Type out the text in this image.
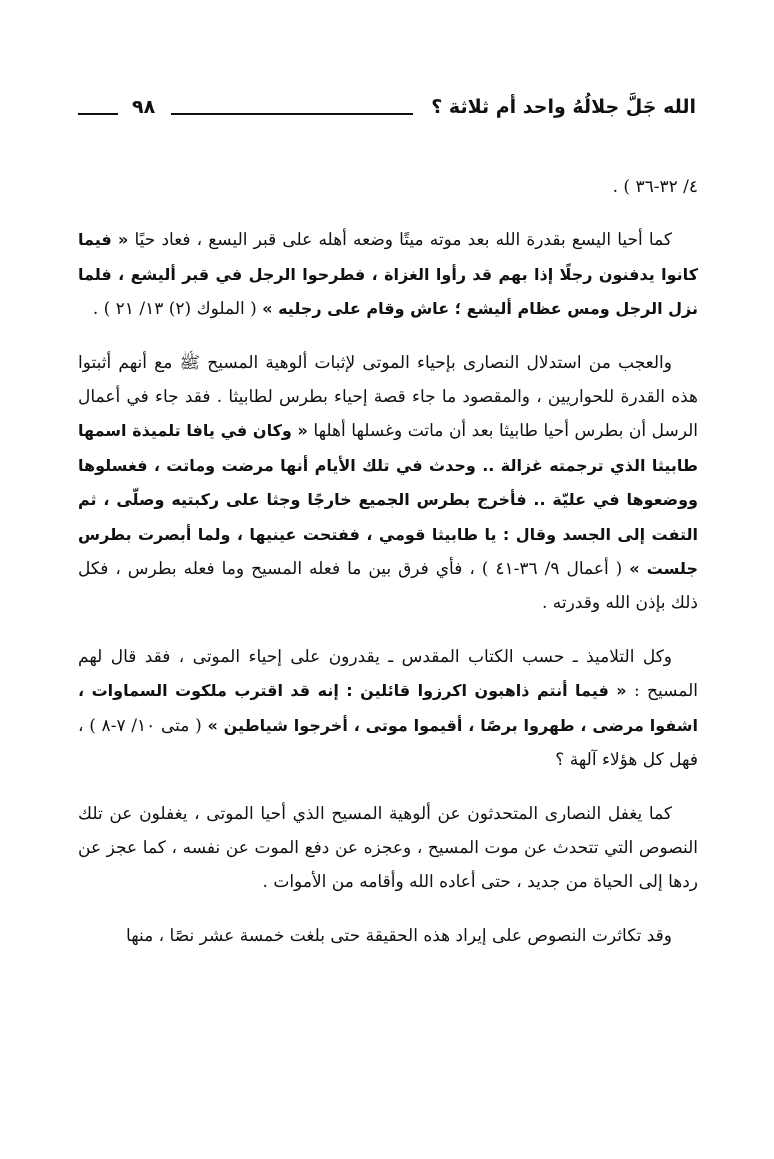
الله جَلَّ جلالُهُ واحد أم ثلاثة ؟
٩٨

٤/ ٣٢-٣٦ ) .

كما أحيا اليسع بقدرة الله بعد موته ميتًا وضعه أهله على قبر اليسع ، فعاد حيًا « فيما كانوا يدفنون رجلًا إذا بهم قد رأوا الغزاة ، فطرحوا الرجل في قبر أليشع ، فلما نزل الرجل ومس عظام أليشع ؛ عاش وقام على رجليه » ( الملوك (٢) ١٣/ ٢١ ) .

والعجب من استدلال النصارى بإحياء الموتى لإثبات ألوهية المسيح ﷺ مع أنهم أثبتوا هذه القدرة للحواريين ، والمقصود ما جاء قصة إحياء بطرس لطابيثا . فقد جاء في أعمال الرسل أن بطرس أحيا طابيثا بعد أن ماتت وغسلها أهلها « وكان في يافا تلميذة اسمها طابيثا الذي ترجمته غزالة .. وحدث في تلك الأيام أنها مرضت وماتت ، فغسلوها ووضعوها في عليّة .. فأخرج بطرس الجميع خارجًا وجثا على ركبتيه وصلّى ، ثم التفت إلى الجسد وقال : يا طابيثا قومي ، ففتحت عينيها ، ولما أبصرت بطرس جلست » ( أعمال ٩/ ٣٦-٤١ ) ، فأي فرق بين ما فعله المسيح وما فعله بطرس ، فكل ذلك بإذن الله وقدرته .

وكل التلاميذ ـ حسب الكتاب المقدس ـ يقدرون على إحياء الموتى ، فقد قال لهم المسيح : « فيما أنتم ذاهبون اكرزوا قائلين : إنه قد اقترب ملكوت السماوات ، اشفوا مرضى ، طهروا برصًا ، أقيموا موتى ، أخرجوا شياطين » ( متى ١٠/ ٧-٨ ) ، فهل كل هؤلاء آلهة ؟

كما يغفل النصارى المتحدثون عن ألوهية المسيح الذي أحيا الموتى ، يغفلون عن تلك النصوص التي تتحدث عن موت المسيح ، وعجزه عن دفع الموت عن نفسه ، كما عجز عن ردها إلى الحياة من جديد ، حتى أعاده الله وأقامه من الأموات .

وقد تكاثرت النصوص على إيراد هذه الحقيقة حتى بلغت خمسة عشر نصًا ، منها
